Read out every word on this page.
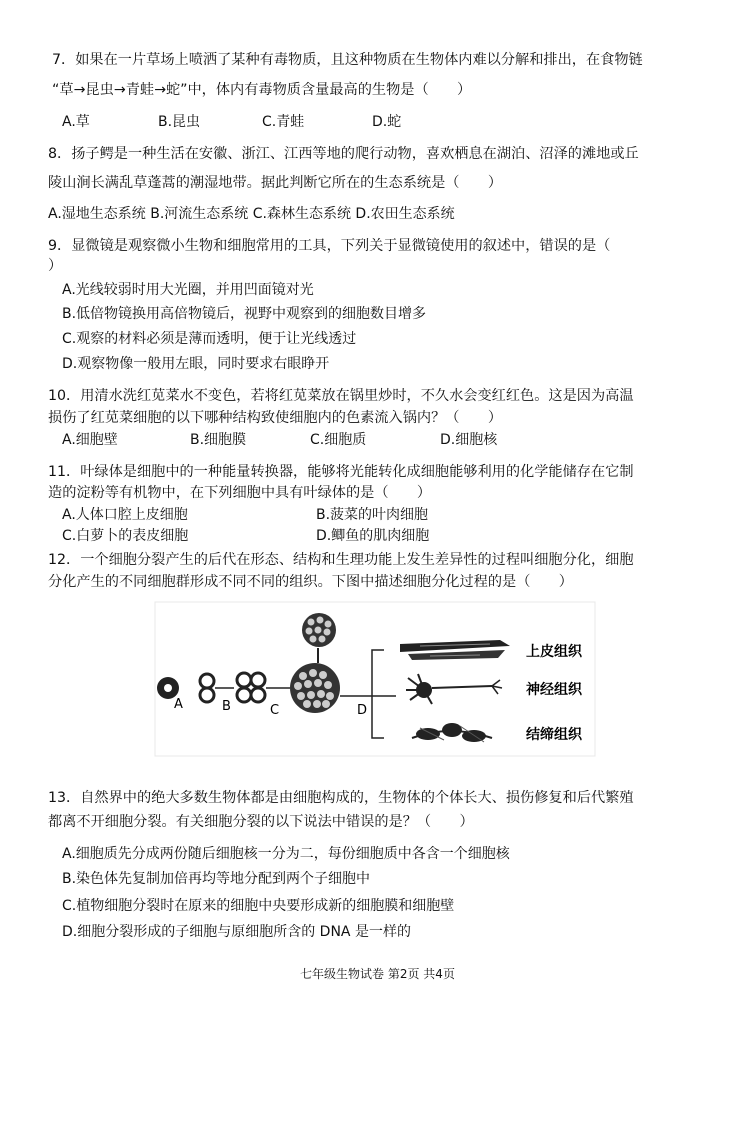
7．如果在一片草场上喷洒了某种有毒物质，且这种物质在生物体内难以分解和排出，在食物链
“草→昆虫→青蛙→蛇”中，体内有毒物质含量最高的生物是（　　）
A.草	B.昆虫	C.青蛙	D.蛇
8．扬子鳄是一种生活在安徽、浙江、江西等地的爬行动物，喜欢栖息在湖泊、沼泽的滩地或丘
陵山涧长满乱草蓬蒿的潮湿地带。据此判断它所在的生态系统是（　　）
A.湿地生态系统 B.河流生态系统 C.森林生态系统 D.农田生态系统
9．显微镜是观察微小生物和细胞常用的工具，下列关于显微镜使用的叙述中，错误的是（
）
A.光线较弱时用大光圈，并用凹面镜对光
B.低倍物镜换用高倍物镜后，视野中观察到的细胞数目增多
C.观察的材料必须是薄而透明，便于让光线透过
D.观察物像一般用左眼，同时要求右眼睁开
10．用清水洗红苋菜水不变色，若将红苋菜放在锅里炒时，不久水会变红红色。这是因为高温
损伤了红苋菜细胞的以下哪种结构致使细胞内的色素流入锅内？（　　）
A.细胞壁	B.细胞膜	C.细胞质	D.细胞核
11．叶绿体是细胞中的一种能量转换器，能够将光能转化成细胞能够利用的化学能储存在它制
造的淀粉等有机物中，在下列细胞中具有叶绿体的是（　　）
A.人体口腔上皮细胞	B.菠菜的叶肉细胞
C.白萝卜的表皮细胞	D.鲫鱼的肌肉细胞
12．一个细胞分裂产生的后代在形态、结构和生理功能上发生差异性的过程叫细胞分化，细胞
分化产生的不同细胞群形成不同不同的组织。下图中描述细胞分化过程的是（　　）
A	B	C	D
上皮组织
神经组织
结缔组织
13．自然界中的绝大多数生物体都是由细胞构成的，生物体的个体长大、损伤修复和后代繁殖
都离不开细胞分裂。有关细胞分裂的以下说法中错误的是？（　　）
A.细胞质先分成两份随后细胞核一分为二，每份细胞质中各含一个细胞核
B.染色体先复制加倍再均等地分配到两个子细胞中
C.植物细胞分裂时在原来的细胞中央要形成新的细胞膜和细胞壁
D.细胞分裂形成的子细胞与原细胞所含的 DNA 是一样的
七年级生物试卷 第2页 共4页
